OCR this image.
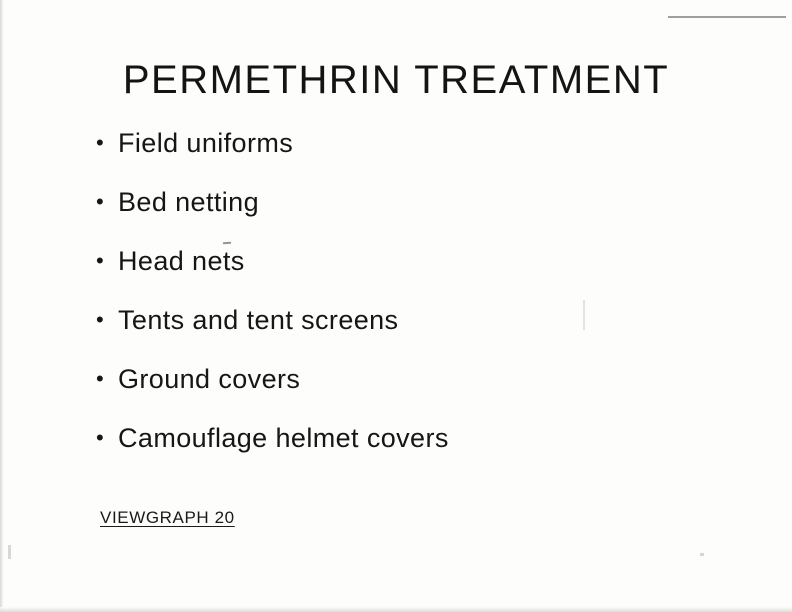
PERMETHRIN TREATMENT
• Field uniforms
• Bed netting
• Head nets
• Tents and tent screens
• Ground covers
• Camouflage helmet covers
VIEWGRAPH 20
